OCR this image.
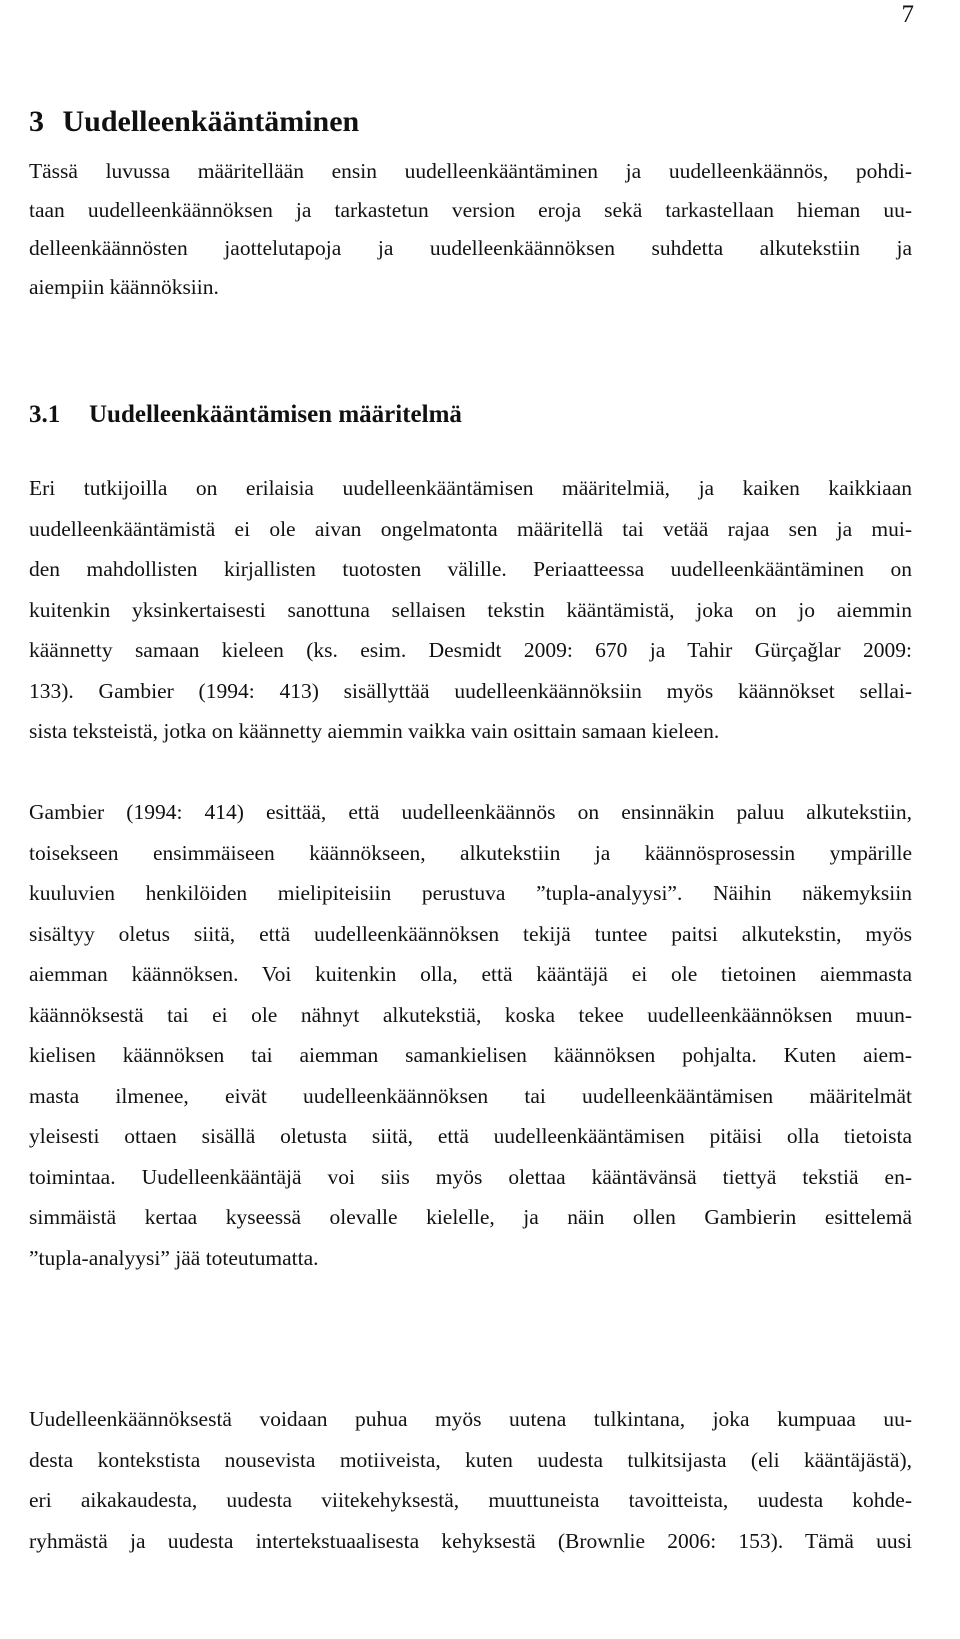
7
3 Uudelleenkääntäminen
Tässä luvussa määritellään ensin uudelleenkääntäminen ja uudelleenkäännös, pohdi-
taan uudelleenkäännöksen ja tarkastetun version eroja sekä tarkastellaan hieman uu-
delleenkäännösten jaottelutapoja ja uudelleenkäännöksen suhdetta alkutekstiin ja
aiempiin käännöksiin.
3.1 Uudelleenkääntämisen määritelmä
Eri tutkijoilla on erilaisia uudelleenkääntämisen määritelmiä, ja kaiken kaikkiaan
uudelleenkääntämistä ei ole aivan ongelmatonta määritellä tai vetää rajaa sen ja mui-
den mahdollisten kirjallisten tuotosten välille. Periaatteessa uudelleenkääntäminen on
kuitenkin yksinkertaisesti sanottuna sellaisen tekstin kääntämistä, joka on jo aiemmin
käännetty samaan kieleen (ks. esim. Desmidt 2009: 670 ja Tahir Gürçağlar 2009:
133). Gambier (1994: 413) sisällyttää uudelleenkäännöksiin myös käännökset sellai-
sista teksteistä, jotka on käännetty aiemmin vaikka vain osittain samaan kieleen.
Gambier (1994: 414) esittää, että uudelleenkäännös on ensinnäkin paluu alkutekstiin,
toisekseen ensimmäiseen käännökseen, alkutekstiin ja käännösprosessin ympärille
kuuluvien henkilöiden mielipiteisiin perustuva ”tupla-analyysi”. Näihin näkemyksiin
sisältyy oletus siitä, että uudelleenkäännöksen tekijä tuntee paitsi alkutekstin, myös
aiemman käännöksen. Voi kuitenkin olla, että kääntäjä ei ole tietoinen aiemmasta
käännöksestä tai ei ole nähnyt alkutekstiä, koska tekee uudelleenkäännöksen muun-
kielisen käännöksen tai aiemman samankielisen käännöksen pohjalta. Kuten aiem-
masta ilmenee, eivät uudelleenkäännöksen tai uudelleenkääntämisen määritelmät
yleisesti ottaen sisällä oletusta siitä, että uudelleenkääntämisen pitäisi olla tietoista
toimintaa. Uudelleenkääntäjä voi siis myös olettaa kääntävänsä tiettyä tekstiä en-
simmäistä kertaa kyseessä olevalle kielelle, ja näin ollen Gambierin esittelemä
”tupla-analyysi” jää toteutumatta.
Uudelleenkäännöksestä voidaan puhua myös uutena tulkintana, joka kumpuaa uu-
desta kontekstista nousevista motiiveista, kuten uudesta tulkitsijasta (eli kääntäjästä),
eri aikakaudesta, uudesta viitekehyksestä, muuttuneista tavoitteista, uudesta kohde-
ryhmästä ja uudesta intertekstuaalisesta kehyksestä (Brownlie 2006: 153). Tämä uusi
